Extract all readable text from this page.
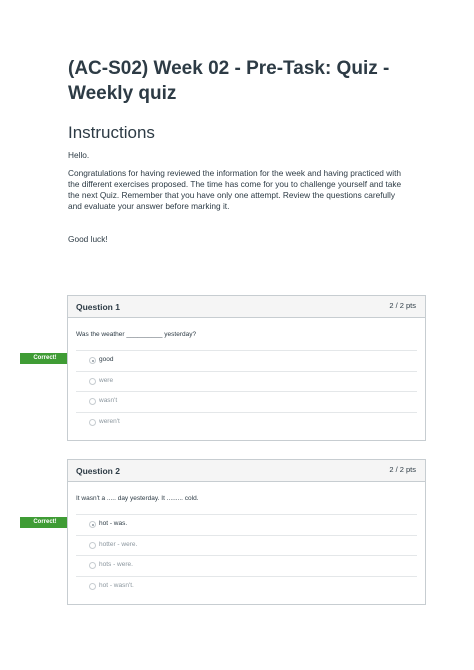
(AC-S02) Week 02 - Pre-Task: Quiz - Weekly quiz
Instructions

Hello.

Congratulations for having reviewed the information for the week and having practiced with the different exercises proposed. The time has come for you to challenge yourself and take the next Quiz. Remember that you have only one attempt. Review the questions carefully and evaluate your answer before marking it.

Good luck!

Correct!
Question 1	2 / 2 pts
Was the weather __________ yesterday?
good
were
wasn't
weren't
Correct!
Question 2	2 / 2 pts
It wasn't a ..... day yesterday. It ......... cold.
hot - was.
hotter - were.
hots - were.
hot - wasn't.
